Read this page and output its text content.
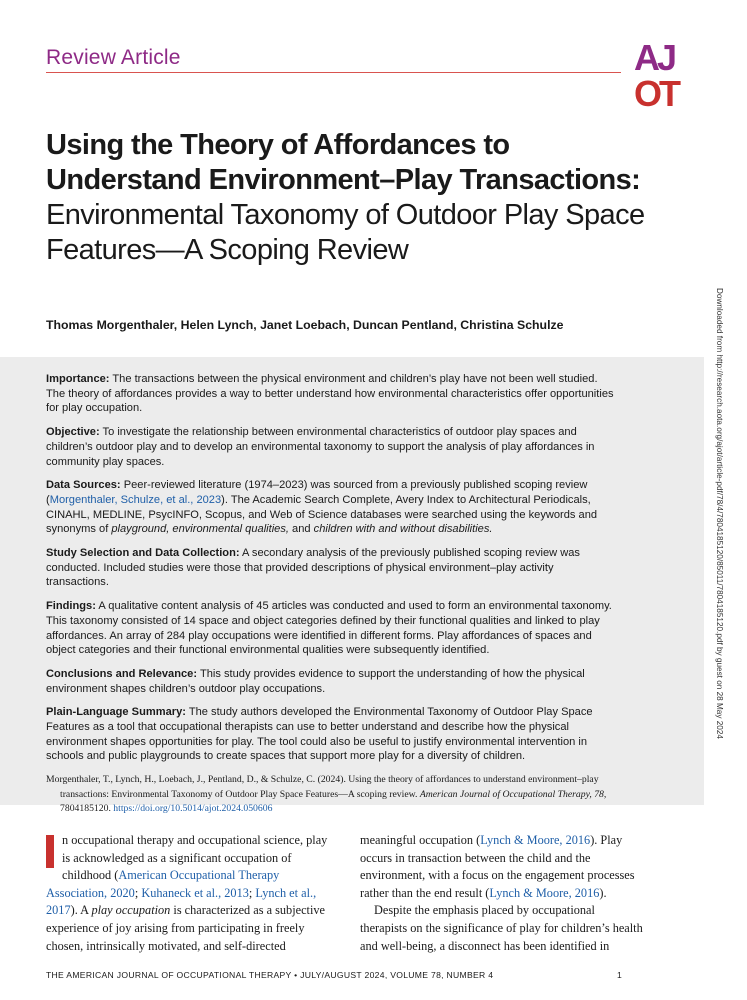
Review Article	AJ
OT
Using the Theory of Affordances to Understand Environment–Play Transactions: Environmental Taxonomy of Outdoor Play Space Features—A Scoping Review
Thomas Morgenthaler, Helen Lynch, Janet Loebach, Duncan Pentland, Christina Schulze	Downloaded from http://research.aota.org/ajot/article-pdf/78/4/7804185120/85011/7804185120.pdf by guest on 28 May 2024

Importance: The transactions between the physical environment and children’s play have not been well studied. The theory of affordances provides a way to better understand how environmental characteristics offer opportunities for play occupation.

Objective: To investigate the relationship between environmental characteristics of outdoor play spaces and children’s outdoor play and to develop an environmental taxonomy to support the analysis of play affordances in community play spaces.

Data Sources: Peer-reviewed literature (1974–2023) was sourced from a previously published scoping review (Morgenthaler, Schulze, et al., 2023). The Academic Search Complete, Avery Index to Architectural Periodicals, CINAHL, MEDLINE, PsycINFO, Scopus, and Web of Science databases were searched using the keywords and synonyms of playground, environmental qualities, and children with and without disabilities.

Study Selection and Data Collection: A secondary analysis of the previously published scoping review was conducted. Included studies were those that provided descriptions of physical environment–play activity transactions.

Findings: A qualitative content analysis of 45 articles was conducted and used to form an environmental taxonomy. This taxonomy consisted of 14 space and object categories defined by their functional qualities and linked to play affordances. An array of 284 play occupations were identified in different forms. Play affordances of spaces and object categories and their functional environmental qualities were subsequently identified.

Conclusions and Relevance: This study provides evidence to support the understanding of how the physical environment shapes children’s outdoor play occupations.

Plain-Language Summary: The study authors developed the Environmental Taxonomy of Outdoor Play Space Features as a tool that occupational therapists can use to better understand and describe how the physical environment shapes opportunities for play. The tool could also be useful to justify environmental intervention in schools and public playgrounds to create spaces that support more play for a diversity of children.

Morgenthaler, T., Lynch, H., Loebach, J., Pentland, D., & Schulze, C. (2024). Using the theory of affordances to understand environment–play transactions: Environmental Taxonomy of Outdoor Play Space Features—A scoping review. American Journal of Occupational Therapy, 78, 7804185120. https://doi.org/10.5014/ajot.2024.050606

n occupational therapy and occupational science, play is acknowledged as a significant occupation of childhood (American Occupational Therapy Association, 2020; Kuhaneck et al., 2013; Lynch et al., 2017). A play occupation is characterized as a subjective experience of joy arising from participating in freely chosen, intrinsically motivated, and self-directed

meaningful occupation (Lynch & Moore, 2016). Play occurs in transaction between the child and the environment, with a focus on the engagement processes rather than the end result (Lynch & Moore, 2016).

Despite the emphasis placed by occupational therapists on the significance of play for children’s health and well-being, a disconnect has been identified in

THE AMERICAN JOURNAL OF OCCUPATIONAL THERAPY • JULY/AUGUST 2024, VOLUME 78, NUMBER 4	1
